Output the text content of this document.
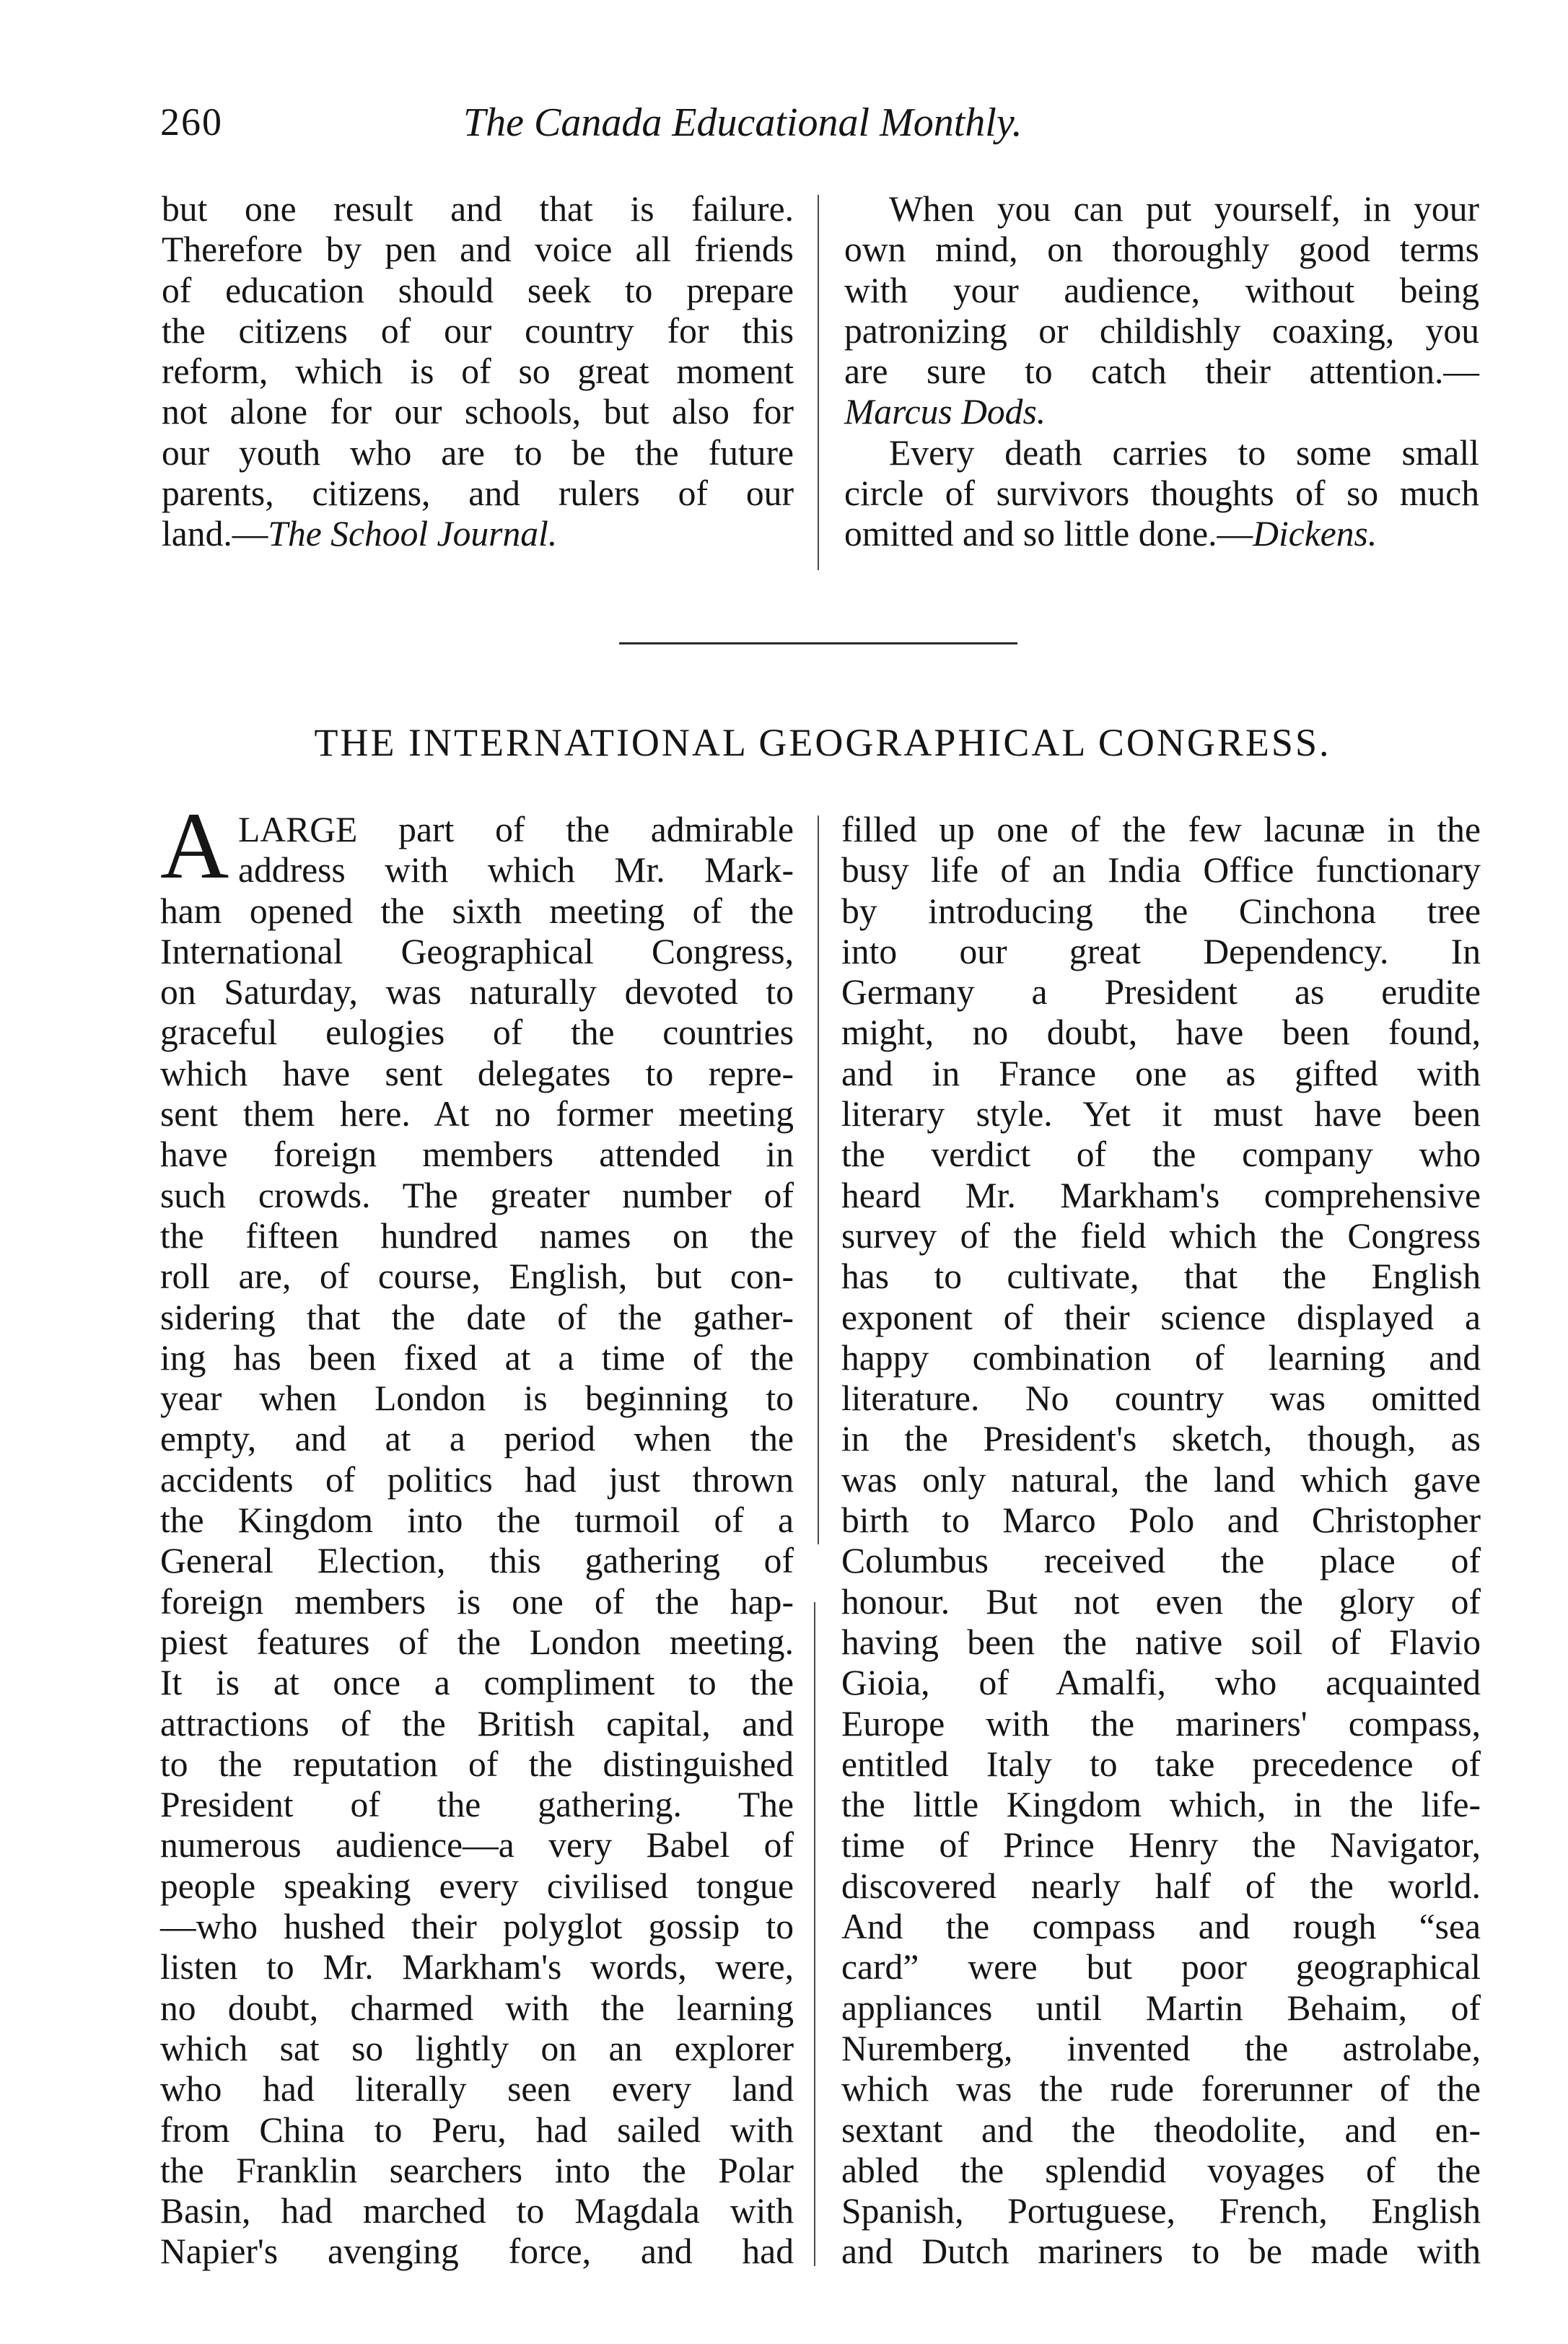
260	The Canada Educational Monthly.
but one result and that is failure.
Therefore by pen and voice all friends
of education should seek to prepare
the citizens of our country for this
reform, which is of so great moment
not alone for our schools, but also for
our youth who are to be the future
parents, citizens, and rulers of our
land.—The School Journal.
When you can put yourself, in your
own mind, on thoroughly good terms
with your audience, without being
patronizing or childishly coaxing, you
are sure to catch their attention.—
Marcus Dods.
Every death carries to some small
circle of survivors thoughts of so much
omitted and so little done.—Dickens.
THE INTERNATIONAL GEOGRAPHICAL CONGRESS.
A LARGE part of the admirable
address with which Mr. Mark-
ham opened the sixth meeting of the
International Geographical Congress,
on Saturday, was naturally devoted to
graceful eulogies of the countries
which have sent delegates to repre-
sent them here. At no former meeting
have foreign members attended in
such crowds. The greater number of
the fifteen hundred names on the
roll are, of course, English, but con-
sidering that the date of the gather-
ing has been fixed at a time of the
year when London is beginning to
empty, and at a period when the
accidents of politics had just thrown
the Kingdom into the turmoil of a
General Election, this gathering of
foreign members is one of the hap-
piest features of the London meeting.
It is at once a compliment to the
attractions of the British capital, and
to the reputation of the distinguished
President of the gathering. The
numerous audience—a very Babel of
people speaking every civilised tongue
—who hushed their polyglot gossip to
listen to Mr. Markham's words, were,
no doubt, charmed with the learning
which sat so lightly on an explorer
who had literally seen every land
from China to Peru, had sailed with
the Franklin searchers into the Polar
Basin, had marched to Magdala with
Napier's avenging force, and had
filled up one of the few lacunæ in the
busy life of an India Office functionary
by introducing the Cinchona tree
into our great Dependency. In
Germany a President as erudite
might, no doubt, have been found,
and in France one as gifted with
literary style. Yet it must have been
the verdict of the company who
heard Mr. Markham's comprehensive
survey of the field which the Congress
has to cultivate, that the English
exponent of their science displayed a
happy combination of learning and
literature. No country was omitted
in the President's sketch, though, as
was only natural, the land which gave
birth to Marco Polo and Christopher
Columbus received the place of
honour. But not even the glory of
having been the native soil of Flavio
Gioia, of Amalfi, who acquainted
Europe with the mariners' compass,
entitled Italy to take precedence of
the little Kingdom which, in the life-
time of Prince Henry the Navigator,
discovered nearly half of the world.
And the compass and rough “sea
card” were but poor geographical
appliances until Martin Behaim, of
Nuremberg, invented the astrolabe,
which was the rude forerunner of the
sextant and the theodolite, and en-
abled the splendid voyages of the
Spanish, Portuguese, French, English
and Dutch mariners to be made with
